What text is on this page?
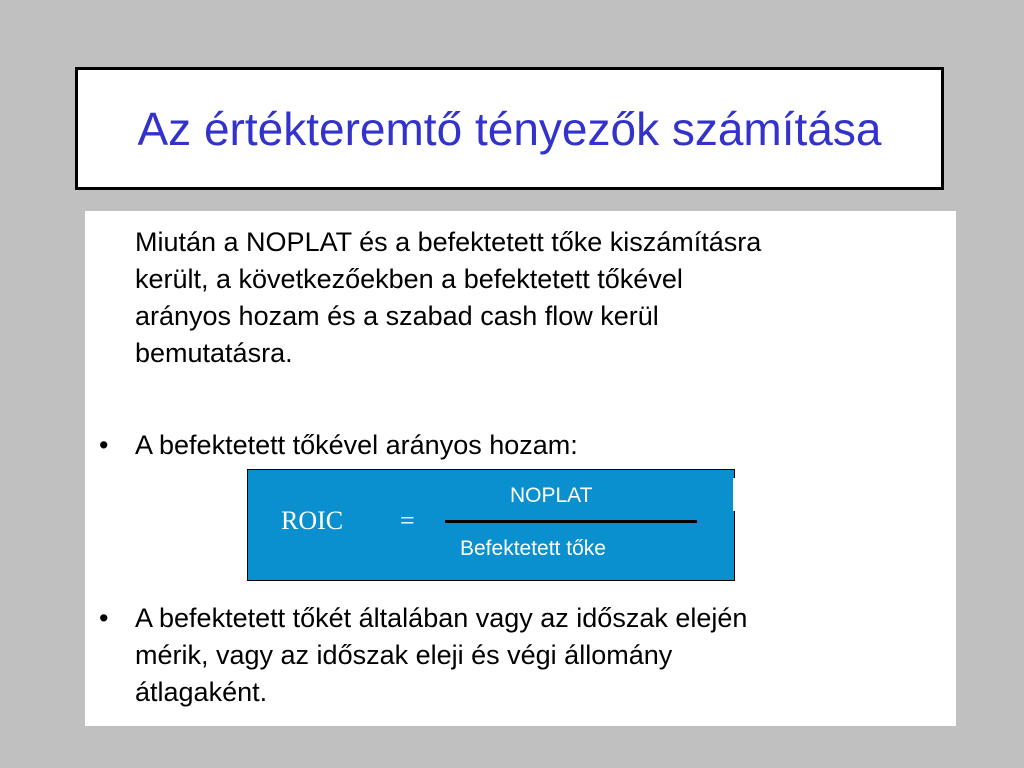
Az értékteremtő tényezők számítása
Miután a NOPLAT és a befektetett tőke kiszámításra
került, a következőekben a befektetett tőkével
arányos hozam és a szabad cash flow kerül
bemutatásra.
• A befektetett tőkével arányos hozam:
• A befektetett tőkét általában vagy az időszak elején
mérik, vagy az időszak eleji és végi állomány
átlagaként.
ROIC =
NOPLAT
Befektetett tőke
